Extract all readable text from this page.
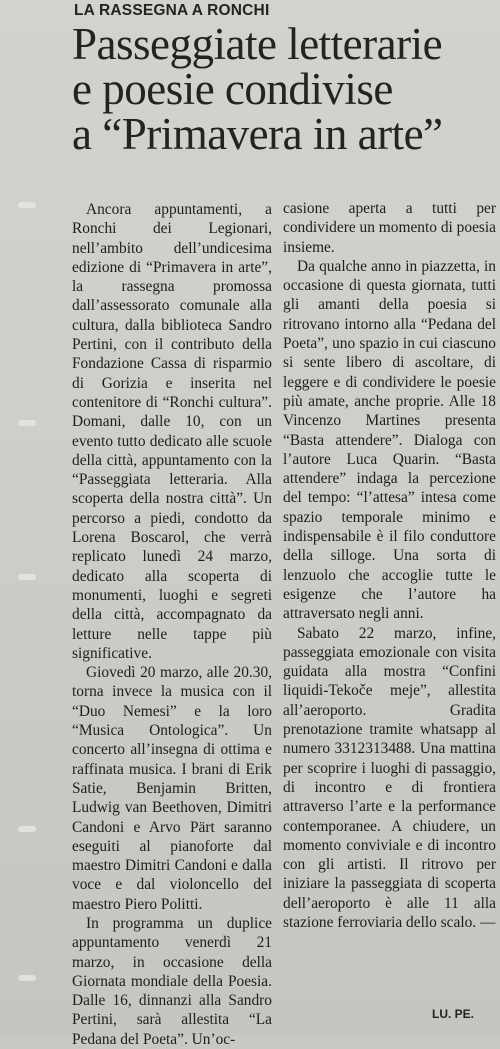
LA RASSEGNA A RONCHI
Passeggiate letterarie
e poesie condivise
a “Primavera in arte”

Ancora appuntamenti, a Ronchi dei Legionari, nell’ambito dell’undicesima edizione di “Primavera in arte”, la rassegna promossa dall’assessorato comunale alla cultura, dalla biblioteca Sandro Pertini, con il contributo della Fondazione Cassa di risparmio di Gorizia e inserita nel contenitore di “Ronchi cultura”. Domani, dalle 10, con un evento tutto dedicato alle scuole della città, appuntamento con la “Passeggiata letteraria. Alla scoperta della nostra città”. Un percorso a piedi, condotto da Lorena Boscarol, che verrà replicato lunedì 24 marzo, dedicato alla scoperta di monumenti, luoghi e segreti della città, accompagnato da letture nelle tappe più significative.

Giovedì 20 marzo, alle 20.30, torna invece la musica con il “Duo Nemesi” e la loro “Musica Ontologica”. Un concerto all’insegna di ottima e raffinata musica. I brani di Erik Satie, Benjamin Britten, Ludwig van Beethoven, Dimitri Candoni e Arvo Pärt saranno eseguiti al pianoforte dal maestro Dimitri Candoni e dalla voce e dal violoncello del maestro Piero Politti.

In programma un duplice appuntamento venerdì 21 marzo, in occasione della Giornata mondiale della Poesia. Dalle 16, dinnanzi alla Sandro Pertini, sarà allestita “La Pedana del Poeta”. Un’oc-

casione aperta a tutti per condividere un momento di poesia insieme.

Da qualche anno in piazzetta, in occasione di questa giornata, tutti gli amanti della poesia si ritrovano intorno alla “Pedana del Poeta”, uno spazio in cui ciascuno si sente libero di ascoltare, di leggere e di condividere le poesie più amate, anche proprie. Alle 18 Vincenzo Martines presenta “Basta attendere”. Dialoga con l’autore Luca Quarin. “Basta attendere” indaga la percezione del tempo: “l’attesa” intesa come spazio temporale minimo e indispensabile è il filo conduttore della silloge. Una sorta di lenzuolo che accoglie tutte le esigenze che l’autore ha attraversato negli anni.

Sabato 22 marzo, infine, passeggiata emozionale con visita guidata alla mostra “Confini liquidi-Tekoče meje”, allestita all’aeroporto. Gradita prenotazione tramite whatsapp al numero 3312313488. Una mattina per scoprire i luoghi di passaggio, di incontro e di frontiera attraverso l’arte e la performance contemporanee. A chiudere, un momento conviviale e di incontro con gli artisti. Il ritrovo per iniziare la passeggiata di scoperta dell’aeroporto è alle 11 alla stazione ferroviaria dello scalo. —

LU. PE.
